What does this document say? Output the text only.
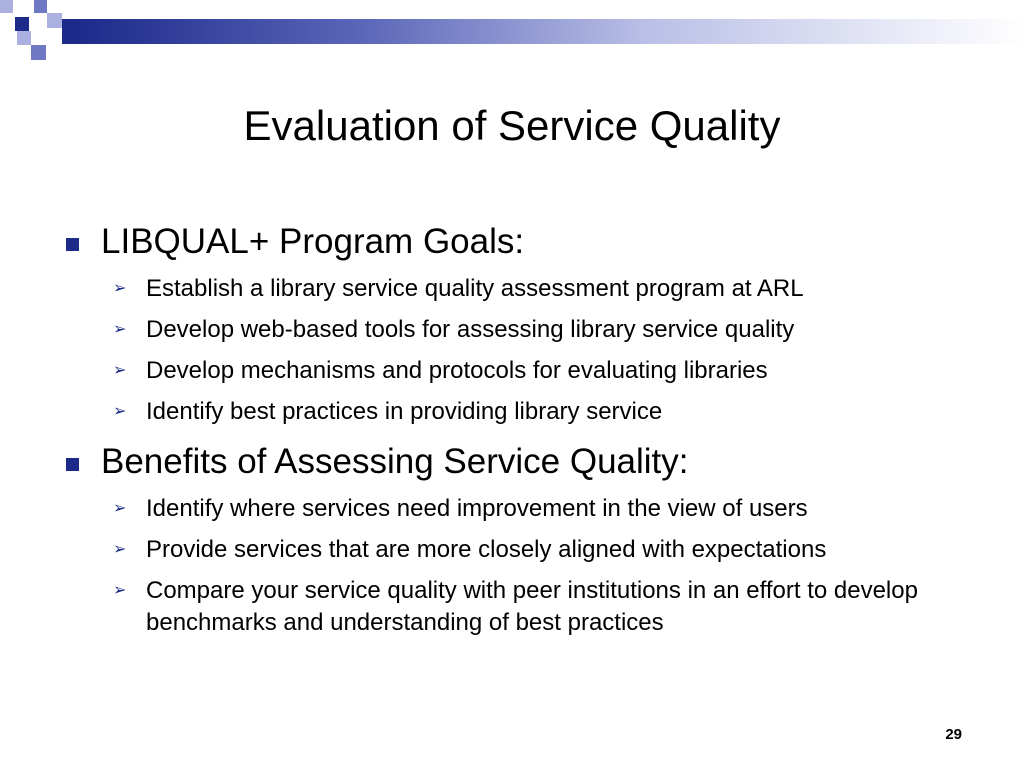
Evaluation of Service Quality
LIBQUAL+ Program Goals:
➢ Establish a library service quality assessment program at ARL
➢ Develop web-based tools for assessing library service quality
➢ Develop mechanisms and protocols for evaluating libraries
➢ Identify best practices in providing library service
Benefits of Assessing Service Quality:
➢ Identify where services need improvement in the view of users
➢ Provide services that are more closely aligned with expectations
➢ Compare your service quality with peer institutions in an effort to develop benchmarks and understanding of best practices
29
